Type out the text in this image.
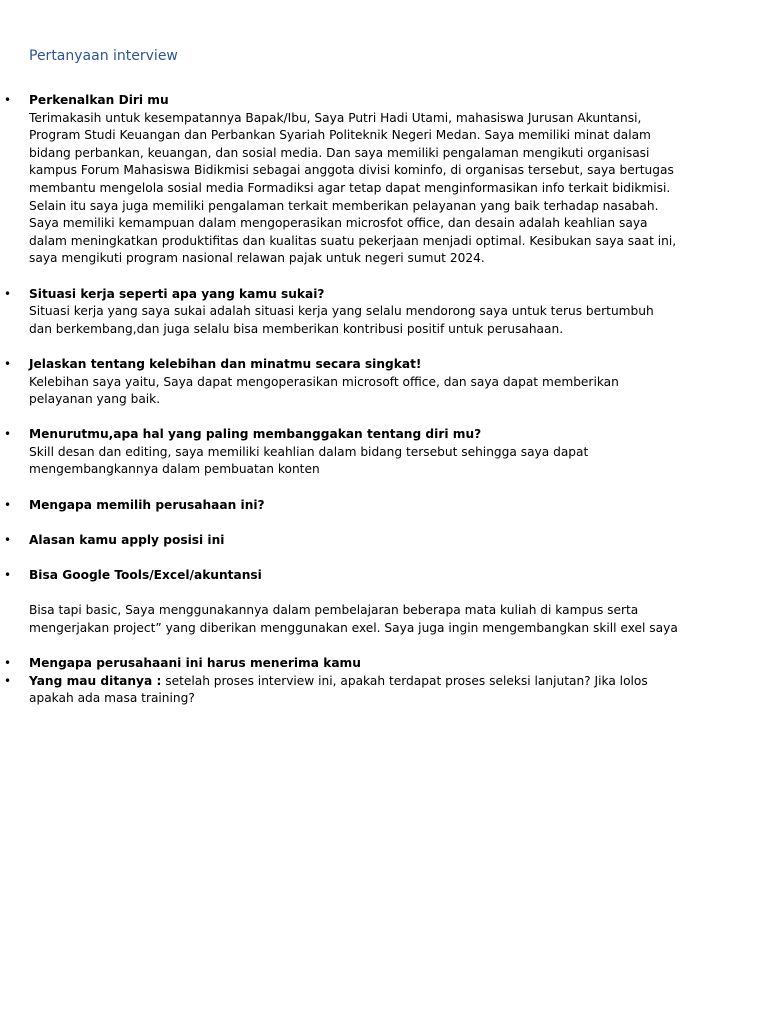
Pertanyaan interview
• Perkenalkan Diri mu
Terimakasih untuk kesempatannya Bapak/Ibu, Saya Putri Hadi Utami, mahasiswa Jurusan Akuntansi, Program Studi Keuangan dan Perbankan Syariah Politeknik Negeri Medan. Saya memiliki minat dalam bidang perbankan, keuangan, dan sosial media. Dan saya memiliki pengalaman mengikuti organisasi kampus Forum Mahasiswa Bidikmisi sebagai anggota divisi kominfo, di organisas tersebut, saya bertugas membantu mengelola sosial media Formadiksi agar tetap dapat menginformasikan info terkait bidikmisi. Selain itu saya juga memiliki pengalaman terkait memberikan pelayanan yang baik terhadap nasabah. Saya memiliki kemampuan dalam mengoperasikan microsfot office, dan desain adalah keahlian saya dalam meningkatkan produktifitas dan kualitas suatu pekerjaan menjadi optimal. Kesibukan saya saat ini, saya mengikuti program nasional relawan pajak untuk negeri sumut 2024.
• Situasi kerja seperti apa yang kamu sukai?
Situasi kerja yang saya sukai adalah situasi kerja yang selalu mendorong saya untuk terus bertumbuh dan berkembang,dan juga selalu bisa memberikan kontribusi positif untuk perusahaan.
• Jelaskan tentang kelebihan dan minatmu secara singkat!
Kelebihan saya yaitu, Saya dapat mengoperasikan microsoft office, dan saya dapat memberikan pelayanan yang baik.
• Menurutmu,apa hal yang paling membanggakan tentang diri mu?
Skill desan dan editing, saya memiliki keahlian dalam bidang tersebut sehingga saya dapat mengembangkannya dalam pembuatan konten
• Mengapa memilih perusahaan ini?
• Alasan kamu apply posisi ini
• Bisa Google Tools/Excel/akuntansi
Bisa tapi basic, Saya menggunakannya dalam pembelajaran beberapa mata kuliah di kampus serta mengerjakan project” yang diberikan menggunakan exel. Saya juga ingin mengembangkan skill exel saya
• Mengapa perusahaani ini harus menerima kamu
• Yang mau ditanya : setelah proses interview ini, apakah terdapat proses seleksi lanjutan? Jika lolos apakah ada masa training?
